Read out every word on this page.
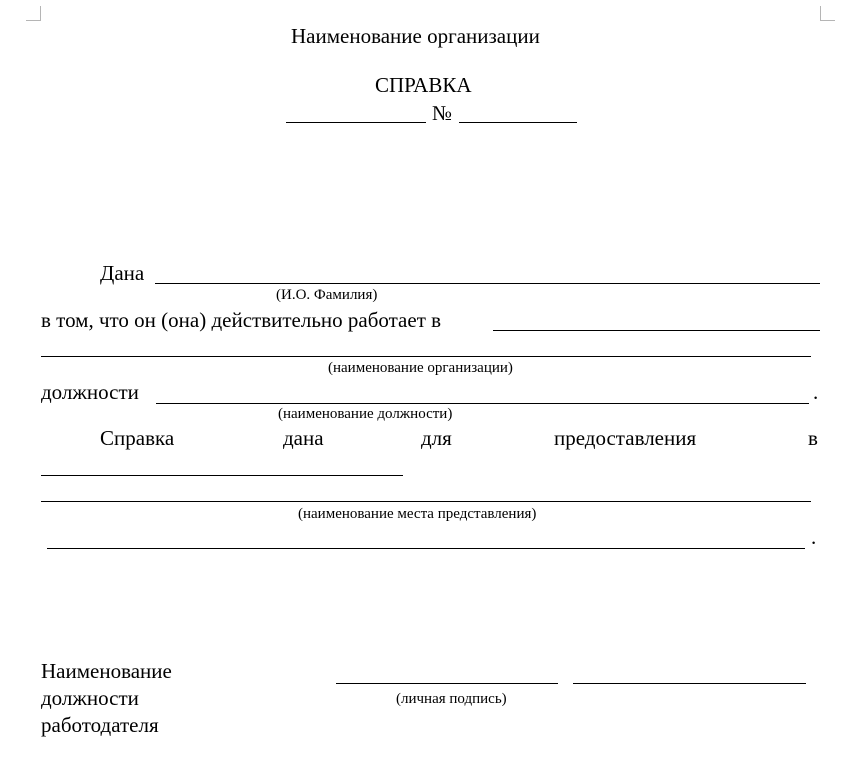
Наименование организации
СПРАВКА
№
Дана
(И.О. Фамилия)
в том, что он (она) действительно работает в
(наименование организации)
должности	.
(наименование должности)
Справка	дана	для	предоставления	в
(наименование места представления)
.
Наименование
должности
работодателя
(личная подпись)
